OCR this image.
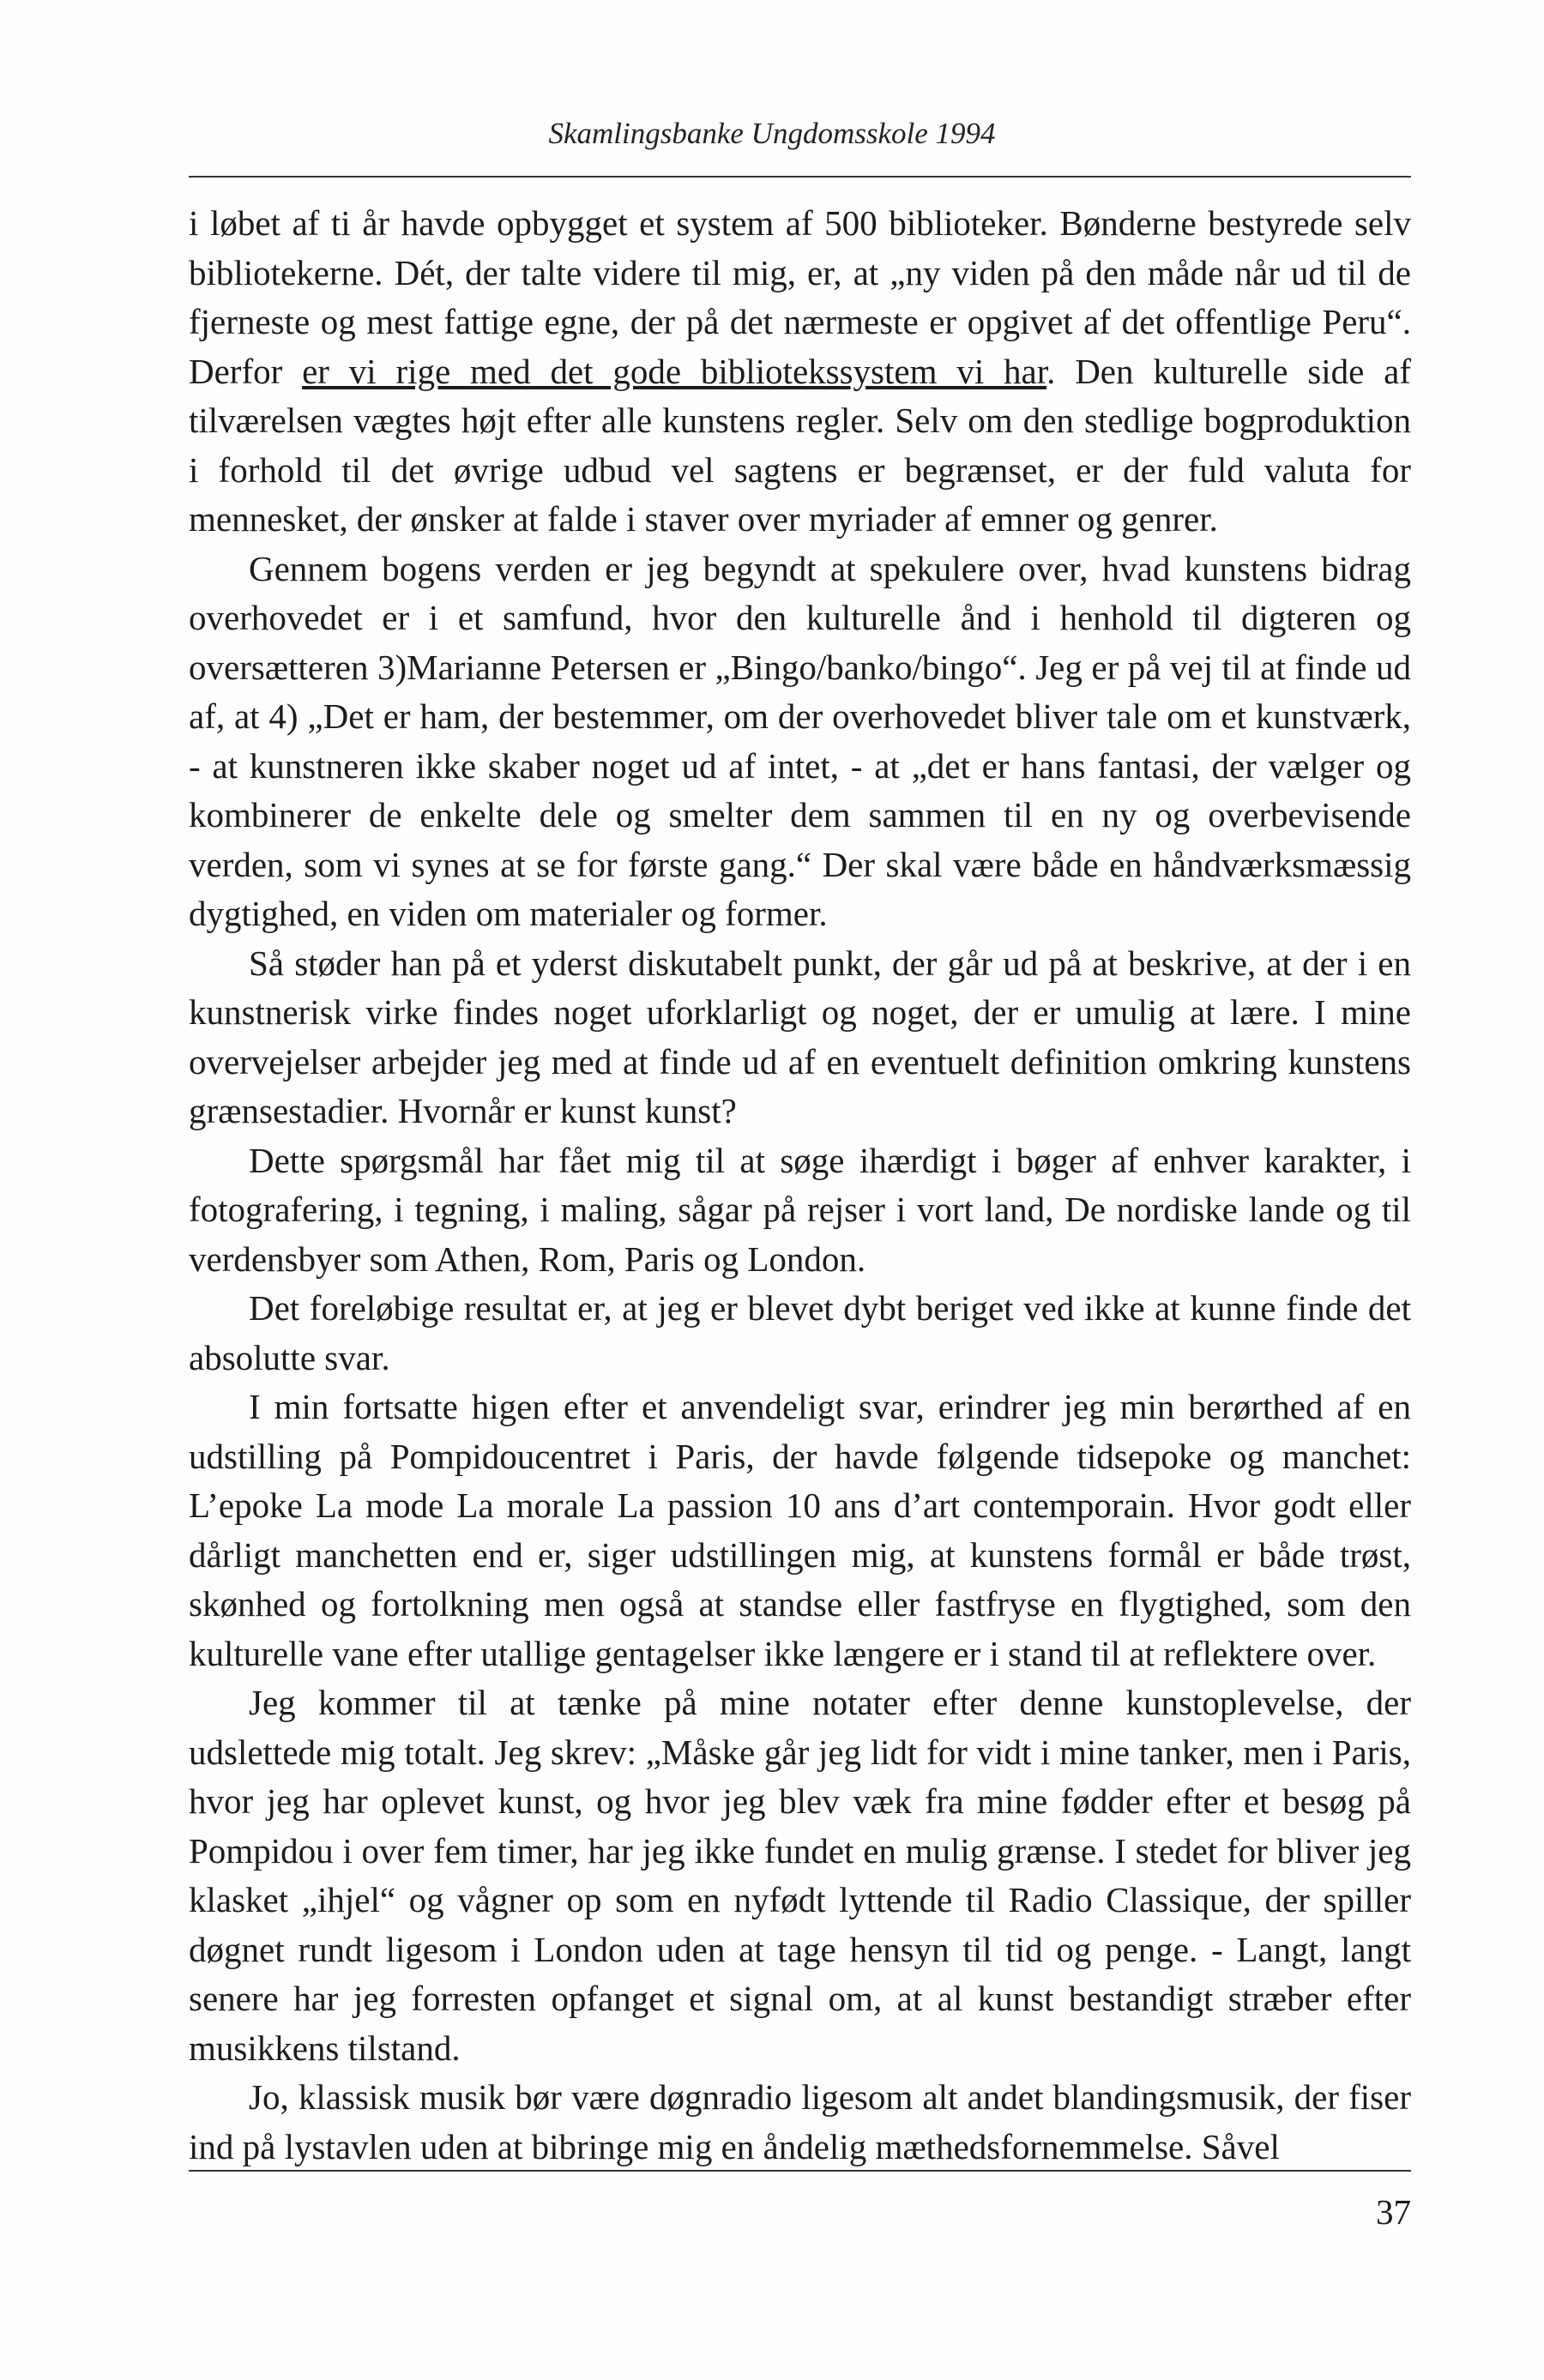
Skamlingsbanke Ungdomsskole 1994

i løbet af ti år havde opbygget et system af 500 biblioteker. Bønderne bestyrede selv bibliotekerne. Dét, der talte videre til mig, er, at „ny viden på den måde når ud til de fjerneste og mest fattige egne, der på det nærmeste er opgivet af det offentlige Peru“. Derfor er vi rige med det gode bibliotekssystem vi har. Den kulturelle side af tilværelsen vægtes højt efter alle kunstens regler. Selv om den stedlige bogproduktion i forhold til det øvrige udbud vel sagtens er begrænset, er der fuld valuta for mennesket, der ønsker at falde i staver over myriader af emner og genrer.

Gennem bogens verden er jeg begyndt at spekulere over, hvad kunstens bidrag overhovedet er i et samfund, hvor den kulturelle ånd i henhold til digteren og oversætteren 3)Marianne Petersen er „Bingo/banko/bingo“. Jeg er på vej til at finde ud af, at 4) „Det er ham, der bestemmer, om der overhovedet bliver tale om et kunstværk, - at kunstneren ikke skaber noget ud af intet, - at „det er hans fantasi, der vælger og kombinerer de enkelte dele og smelter dem sammen til en ny og overbevisende verden, som vi synes at se for første gang.“ Der skal være både en håndværksmæssig dygtighed, en viden om materialer og former.

Så støder han på et yderst diskutabelt punkt, der går ud på at beskrive, at der i en kunstnerisk virke findes noget uforklarligt og noget, der er umulig at lære. I mine overvejelser arbejder jeg med at finde ud af en eventuelt definition omkring kunstens grænsestadier. Hvornår er kunst kunst?

Dette spørgsmål har fået mig til at søge ihærdigt i bøger af enhver karakter, i fotografering, i tegning, i maling, sågar på rejser i vort land, De nordiske lande og til verdensbyer som Athen, Rom, Paris og London.

Det foreløbige resultat er, at jeg er blevet dybt beriget ved ikke at kunne finde det absolutte svar.

I min fortsatte higen efter et anvendeligt svar, erindrer jeg min berørthed af en udstilling på Pompidoucentret i Paris, der havde følgende tidsepoke og manchet: L’epoke La mode La morale La passion 10 ans d’art contemporain. Hvor godt eller dårligt manchetten end er, siger udstillingen mig, at kunstens formål er både trøst, skønhed og fortolkning men også at standse eller fastfryse en flygtighed, som den kulturelle vane efter utallige gentagelser ikke længere er i stand til at reflektere over.

Jeg kommer til at tænke på mine notater efter denne kunstoplevelse, der udslettede mig totalt. Jeg skrev: „Måske går jeg lidt for vidt i mine tanker, men i Paris, hvor jeg har oplevet kunst, og hvor jeg blev væk fra mine fødder efter et besøg på Pompidou i over fem timer, har jeg ikke fundet en mulig grænse. I stedet for bliver jeg klasket „ihjel“ og vågner op som en nyfødt lyttende til Radio Classique, der spiller døgnet rundt ligesom i London uden at tage hensyn til tid og penge. - Langt, langt senere har jeg forresten opfanget et signal om, at al kunst bestandigt stræber efter musikkens tilstand.

Jo, klassisk musik bør være døgnradio ligesom alt andet blandingsmusik, der fiser ind på lystavlen uden at bibringe mig en åndelig mæthedsfornemmelse. Såvel

37
